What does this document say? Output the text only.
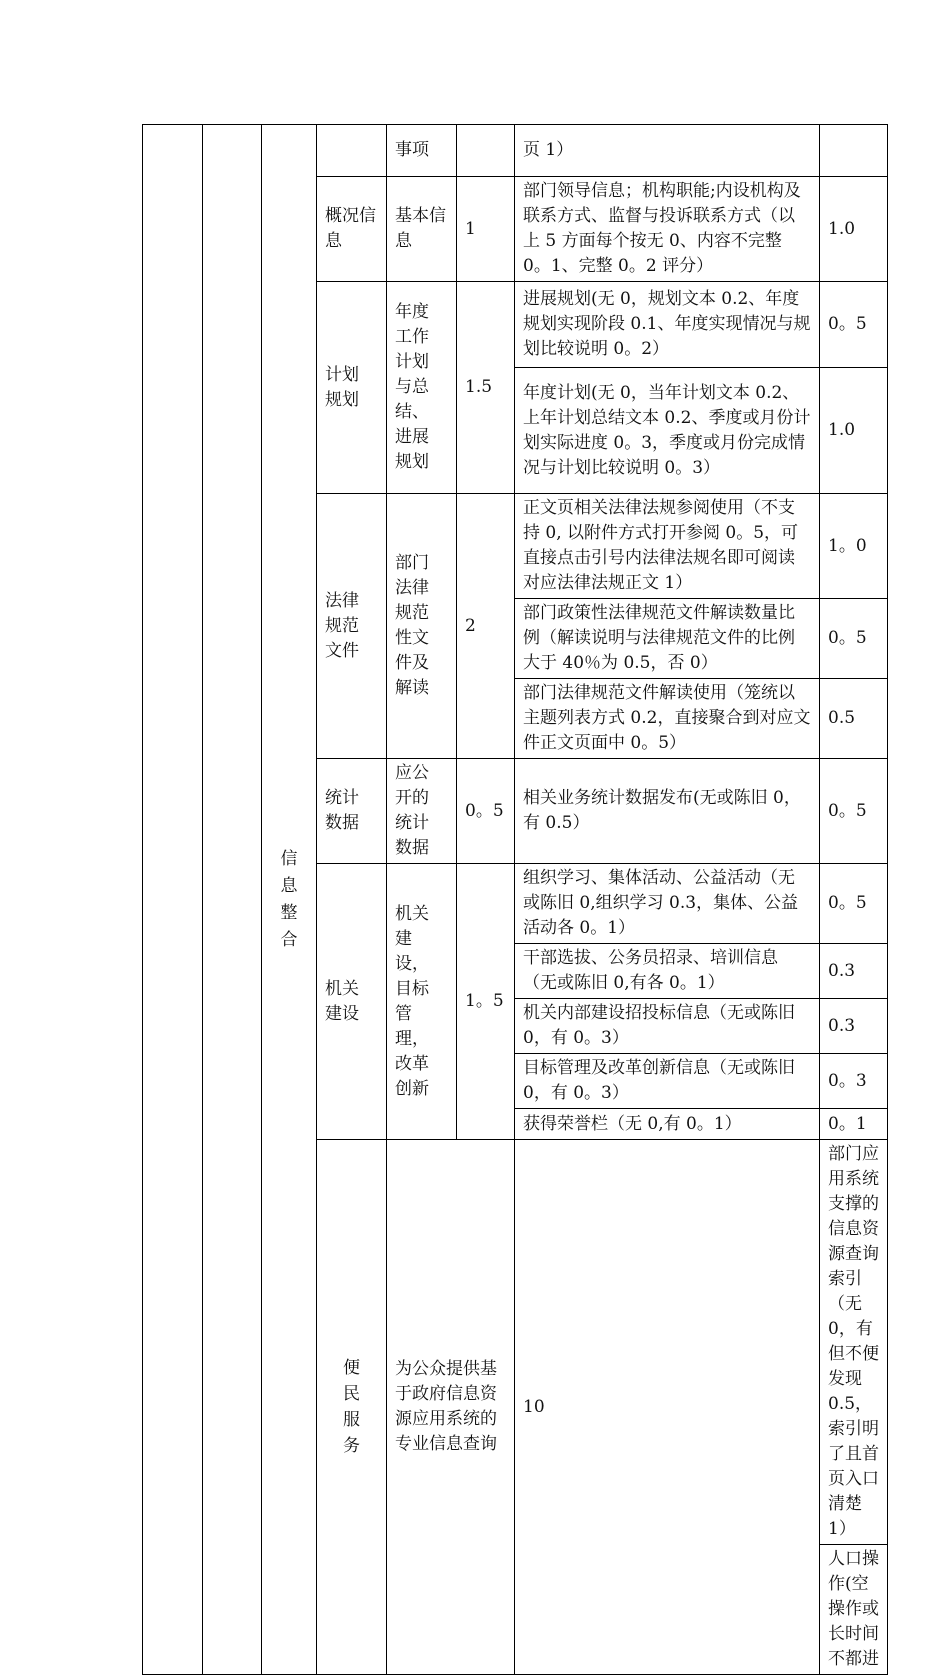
		信息整合		事项		页 1）		
			概况信息	基本信息	1	部门领导信息；机构职能;内设机构及联系方式、监督与投诉联系方式（以上 5 方面每个按无 0、内容不完整 0。1、完整 0。2 评分）	1.0	
			计划规划	年度工作计划与总结、进展规划	1.5	进展规划(无 0，规划文本 0.2、年度规划实现阶段 0.1、年度实现情况与规划比较说明 0。2）	0。5	
						年度计划(无 0，当年计划文本 0.2、上年计划总结文本 0.2、季度或月份计划实际进度 0。3，季度或月份完成情况与计划比较说明 0。3）	1.0	
			法律规范文件	部门法律规范性文件及解读	2	正文页相关法律法规参阅使用（不支持 0, 以附件方式打开参阅 0。5，可直接点击引号内法律法规名即可阅读对应法律法规正文 1）	1。0	
						部门政策性法律规范文件解读数量比例（解读说明与法律规范文件的比例大于 40％为 0.5，否 0）	0。5	
						部门法律规范文件解读使用（笼统以主题列表方式 0.2，直接聚合到对应文件正文页面中 0。5）	0.5	
			统计数据	应公开的统计数据	0。5	相关业务统计数据发布(无或陈旧 0，有 0.5）	0。5	
			机关建设	机关建设，目标管理，改革创新	1。5	组织学习、集体活动、公益活动（无或陈旧 0,组织学习 0.3，集体、公益活动各 0。1）	0。5	
						干部选拔、公务员招录、培训信息（无或陈旧 0,有各 0。1）	0.3	
						机关内部建设招投标信息（无或陈旧 0，有 0。3）	0.3	
						目标管理及改革创新信息（无或陈旧 0，有 0。3）	0。3	
						获得荣誉栏（无 0,有 0。1）	0。1	
			便民服务	为公众提供基于政府信息资源应用系统的专业信息查询		10	部门应用系统支撑的信息资源查询索引（无 0，有但不便发现 0.5，索引明了且首页入口清楚 1）	
							人口操作(空操作或长时间不都进	
